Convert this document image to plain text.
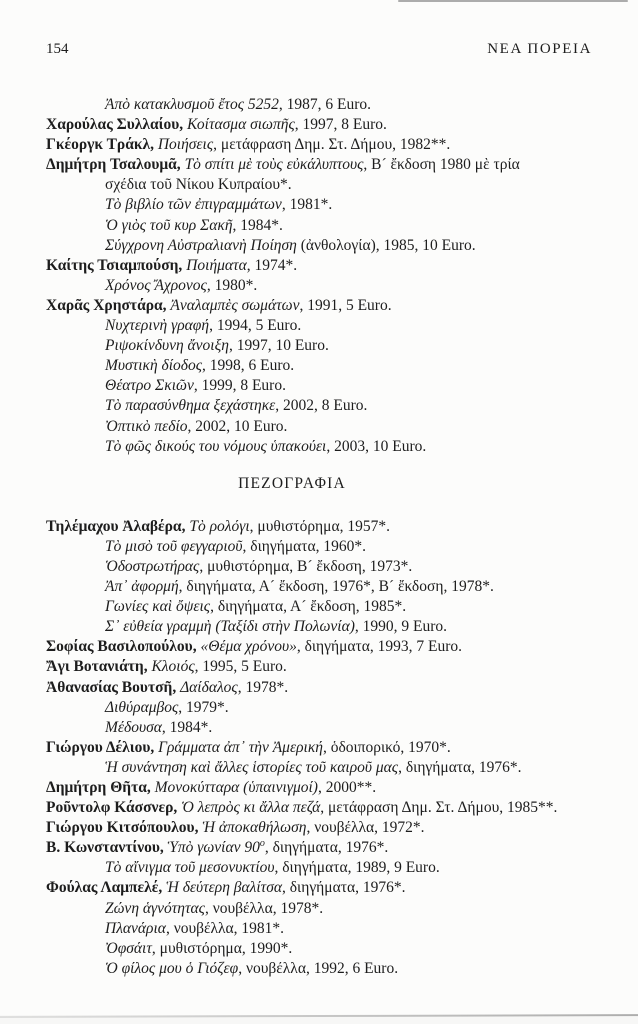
154	ΝΕΑ ΠΟΡΕΙΑ
Ἀπὸ κατακλυσμοῦ ἔτος 5252, 1987, 6 Euro.
Χαρούλας Συλλαίου, Κοίτασμα σιωπῆς, 1997, 8 Euro.
Γκέοργκ Τράκλ, Ποιήσεις, μετάφραση Δημ. Στ. Δήμου, 1982**.
Δημήτρη Τσαλουμᾶ, Τὸ σπίτι μὲ τοὺς εὐκάλυπτους, Β´ ἔκδοση 1980 μὲ τρία
σχέδια τοῦ Νίκου Κυπραίου*.
Τὸ βιβλίο τῶν ἐπιγραμμάτων, 1981*.
Ὁ γιὸς τοῦ κυρ Σακῆ, 1984*.
Σύγχρονη Αὐστραλιανὴ Ποίηση (ἀνθολογία), 1985, 10 Euro.
Καίτης Τσιαμπούση, Ποιήματα, 1974*.
Χρόνος Ἄχρονος, 1980*.
Χαρᾶς Χρηστάρα, Ἀναλαμπὲς σωμάτων, 1991, 5 Euro.
Νυχτερινὴ γραφή, 1994, 5 Euro.
Ριψοκίνδυνη ἄνοιξη, 1997, 10 Euro.
Μυστικὴ δίοδος, 1998, 6 Euro.
Θέατρο Σκιῶν, 1999, 8 Euro.
Τὸ παρασύνθημα ξεχάστηκε, 2002, 8 Euro.
Ὀπτικὸ πεδίο, 2002, 10 Euro.
Τὸ φῶς δικούς του νόμους ὑπακούει, 2003, 10 Euro.
ΠΕΖΟΓΡΑΦΙΑ
Τηλέμαχου Ἀλαβέρα, Τὸ ρολόγι, μυθιστόρημα, 1957*.
Τὸ μισὸ τοῦ φεγγαριοῦ, διηγήματα, 1960*.
Ὁδοστρωτήρας, μυθιστόρημα, Β´ ἔκδοση, 1973*.
Ἀπ᾽ ἀφορμή, διηγήματα, Α´ ἔκδοση, 1976*, Β´ ἔκδοση, 1978*.
Γωνίες καὶ ὄψεις, διηγήματα, Α´ ἔκδοση, 1985*.
Σ᾽ εὐθεία γραμμὴ (Ταξίδι στὴν Πολωνία), 1990, 9 Euro.
Σοφίας Βασιλοπούλου, «Θέμα χρόνου», διηγήματα, 1993, 7 Euro.
Ἄγι Βοτανιάτη, Κλοιός, 1995, 5 Euro.
Ἀθανασίας Βουτσῆ, Δαίδαλος, 1978*.
Διθύραμβος, 1979*.
Μέδουσα, 1984*.
Γιώργου Δέλιου, Γράμματα ἀπ᾽ τὴν Ἀμερική, ὁδοιπορικό, 1970*.
Ἡ συνάντηση καὶ ἄλλες ἱστορίες τοῦ καιροῦ μας, διηγήματα, 1976*.
Δημήτρη Θῆτα, Μονοκύτταρα (ὑπαινιγμοί), 2000**.
Ροῦντολφ Κάσσνερ, Ὁ λεπρὸς κι ἄλλα πεζά, μετάφραση Δημ. Στ. Δήμου, 1985**.
Γιώργου Κιτσόπουλου, Ἡ ἀποκαθήλωση, νουβέλλα, 1972*.
Β. Κωνσταντίνου, Ὑπὸ γωνίαν $90^o$, διηγήματα, 1976*.
Τὸ αἴνιγμα τοῦ μεσονυκτίου, διηγήματα, 1989, 9 Euro.
Φούλας Λαμπελέ, Ἡ δεύτερη βαλίτσα, διηγήματα, 1976*.
Ζώνη ἁγνότητας, νουβέλλα, 1978*.
Πλανάρια, νουβέλλα, 1981*.
Ὀφσάιτ, μυθιστόρημα, 1990*.
Ὁ φίλος μου ὁ Γιόζεφ, νουβέλλα, 1992, 6 Euro.
